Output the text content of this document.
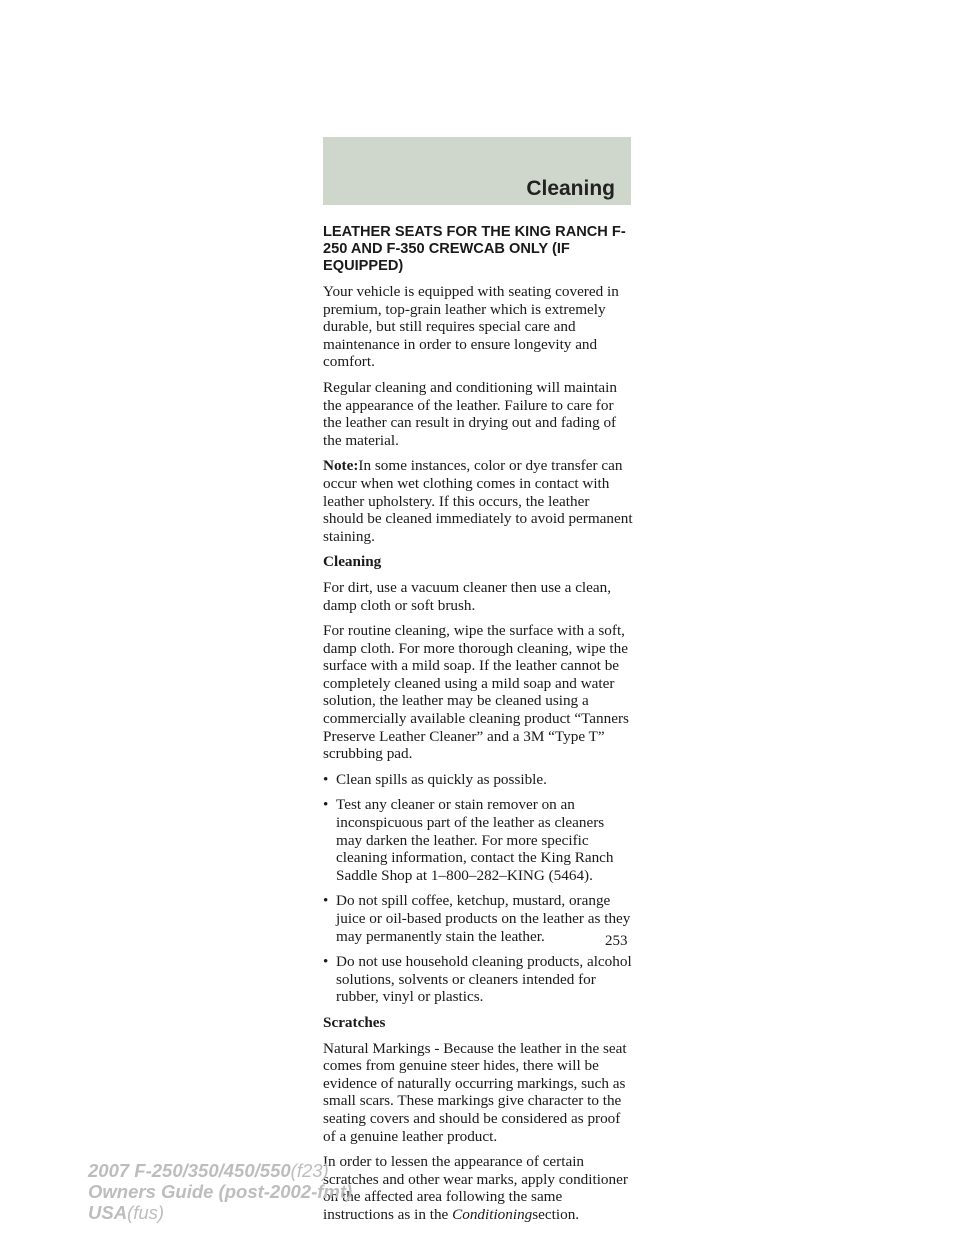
Cleaning
LEATHER SEATS FOR THE KING RANCH F-250 AND F-350 CREWCAB ONLY (IF EQUIPPED)

Your vehicle is equipped with seating covered in premium, top-grain leather which is extremely durable, but still requires special care and maintenance in order to ensure longevity and comfort.

Regular cleaning and conditioning will maintain the appearance of the leather. Failure to care for the leather can result in drying out and fading of the material.

Note:In some instances, color or dye transfer can occur when wet clothing comes in contact with leather upholstery. If this occurs, the leather should be cleaned immediately to avoid permanent staining.

Cleaning

For dirt, use a vacuum cleaner then use a clean, damp cloth or soft brush.

For routine cleaning, wipe the surface with a soft, damp cloth. For more thorough cleaning, wipe the surface with a mild soap. If the leather cannot be completely cleaned using a mild soap and water solution, the leather may be cleaned using a commercially available cleaning product “Tanners Preserve Leather Cleaner” and a 3M “Type T” scrubbing pad.

• Clean spills as quickly as possible.
• Test any cleaner or stain remover on an inconspicuous part of the leather as cleaners may darken the leather. For more specific cleaning information, contact the King Ranch Saddle Shop at 1–800–282–KING (5464).
• Do not spill coffee, ketchup, mustard, orange juice or oil-based products on the leather as they may permanently stain the leather.
• Do not use household cleaning products, alcohol solutions, solvents or cleaners intended for rubber, vinyl or plastics.
Scratches

Natural Markings - Because the leather in the seat comes from genuine steer hides, there will be evidence of naturally occurring markings, such as small scars. These markings give character to the seating covers and should be considered as proof of a genuine leather product.

In order to lessen the appearance of certain scratches and other wear marks, apply conditioner on the affected area following the same instructions as in the Conditioningsection.

253
2007 F-250/350/450/550(f23)
Owners Guide (post-2002-fmt)
USA(fus)
